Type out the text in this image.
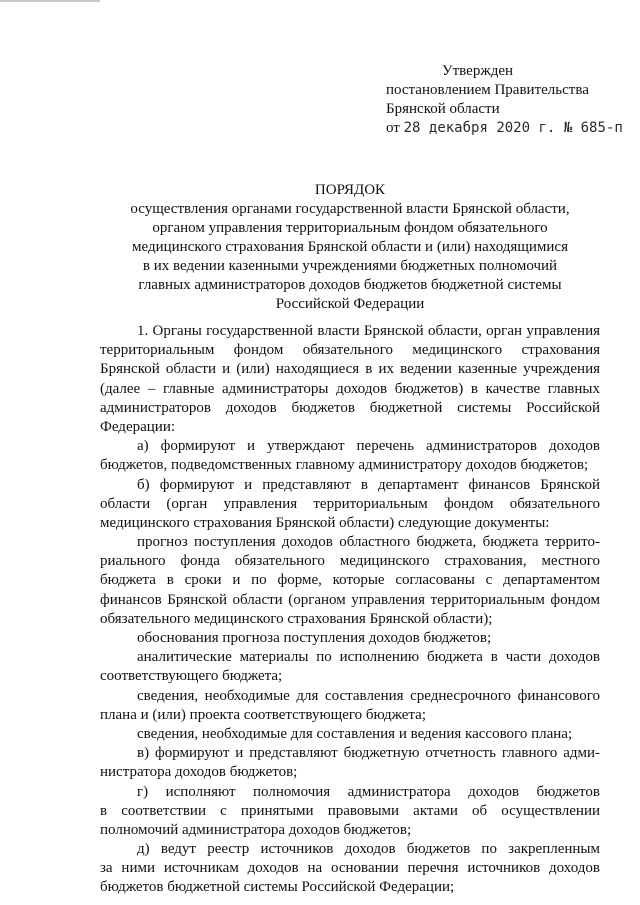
Утвержден
постановлением Правительства
Брянской области
от 28 декабря 2020 г. № 685-п
ПОРЯДОК
осуществления органами государственной власти Брянской области,
органом управления территориальным фондом обязательного
медицинского страхования Брянской области и (или) находящимися
в их ведении казенными учреждениями бюджетных полномочий
главных администраторов доходов бюджетов бюджетной системы
Российской Федерации
1. Органы государственной власти Брянской области, орган управления
территориальным фондом обязательного медицинского страхования
Брянской области и (или) находящиеся в их ведении казенные учреждения
(далее – главные администраторы доходов бюджетов) в качестве главных
администраторов доходов бюджетов бюджетной системы Российской
Федерации:
а) формируют и утверждают перечень администраторов доходов
бюджетов, подведомственных главному администратору доходов бюджетов;
б) формируют и представляют в департамент финансов Брянской
области (орган управления территориальным фондом обязательного
медицинского страхования Брянской области) следующие документы:
прогноз поступления доходов областного бюджета, бюджета террито-
риального фонда обязательного медицинского страхования, местного
бюджета в сроки и по форме, которые согласованы с департаментом
финансов Брянской области (органом управления территориальным фондом
обязательного медицинского страхования Брянской области);
обоснования прогноза поступления доходов бюджетов;
аналитические материалы по исполнению бюджета в части доходов
соответствующего бюджета;
сведения, необходимые для составления среднесрочного финансового
плана и (или) проекта соответствующего бюджета;
сведения, необходимые для составления и ведения кассового плана;
в) формируют и представляют бюджетную отчетность главного адми-
нистратора доходов бюджетов;
г) исполняют полномочия администратора доходов бюджетов
в соответствии с принятыми правовыми актами об осуществлении
полномочий администратора доходов бюджетов;
д) ведут реестр источников доходов бюджетов по закрепленным
за ними источникам доходов на основании перечня источников доходов
бюджетов бюджетной системы Российской Федерации;
